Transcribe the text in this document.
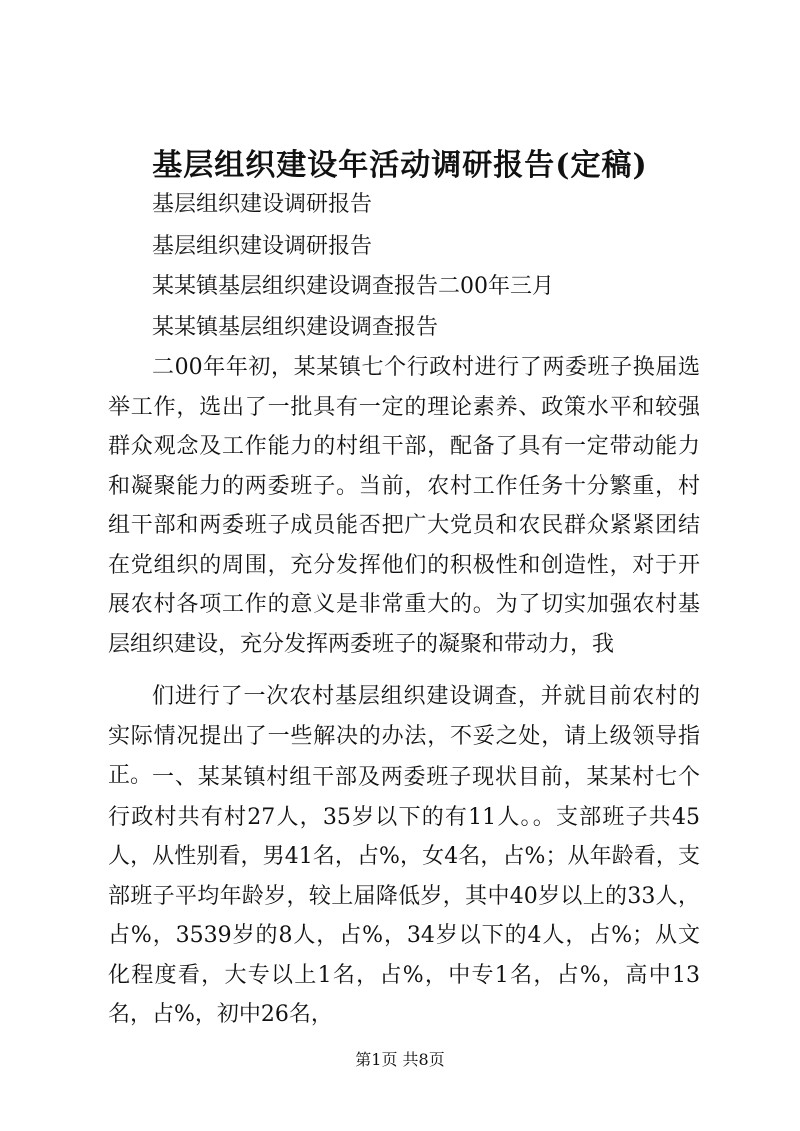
基层组织建设年活动调研报告(定稿)
基层组织建设调研报告
基层组织建设调研报告
某某镇基层组织建设调查报告二00年三月
某某镇基层组织建设调查报告

二00年年初，某某镇七个行政村进行了两委班子换届选举工作，选出了一批具有一定的理论素养、政策水平和较强群众观念及工作能力的村组干部，配备了具有一定带动能力和凝聚能力的两委班子。当前，农村工作任务十分繁重，村组干部和两委班子成员能否把广大党员和农民群众紧紧团结在党组织的周围，充分发挥他们的积极性和创造性，对于开展农村各项工作的意义是非常重大的。为了切实加强农村基层组织建设，充分发挥两委班子的凝聚和带动力，我

们进行了一次农村基层组织建设调查，并就目前农村的实际情况提出了一些解决的办法，不妥之处，请上级领导指正。 一、某某镇村组干部及两委班子现状目前，某某村七个行政村共有村27人，35岁以下的有11人。。支部班子共45人，从性别看，男41名，占%，女4名，占%；从年龄看，支部班子平均年龄岁，较上届降低岁，其中40岁以上的33人，占%，3539岁的8人，占%，34岁以下的4人，占%；从文化程度看，大专以上1名，占%，中专1名，占%，高中13名，占%，初中26名，

第1页 共8页
